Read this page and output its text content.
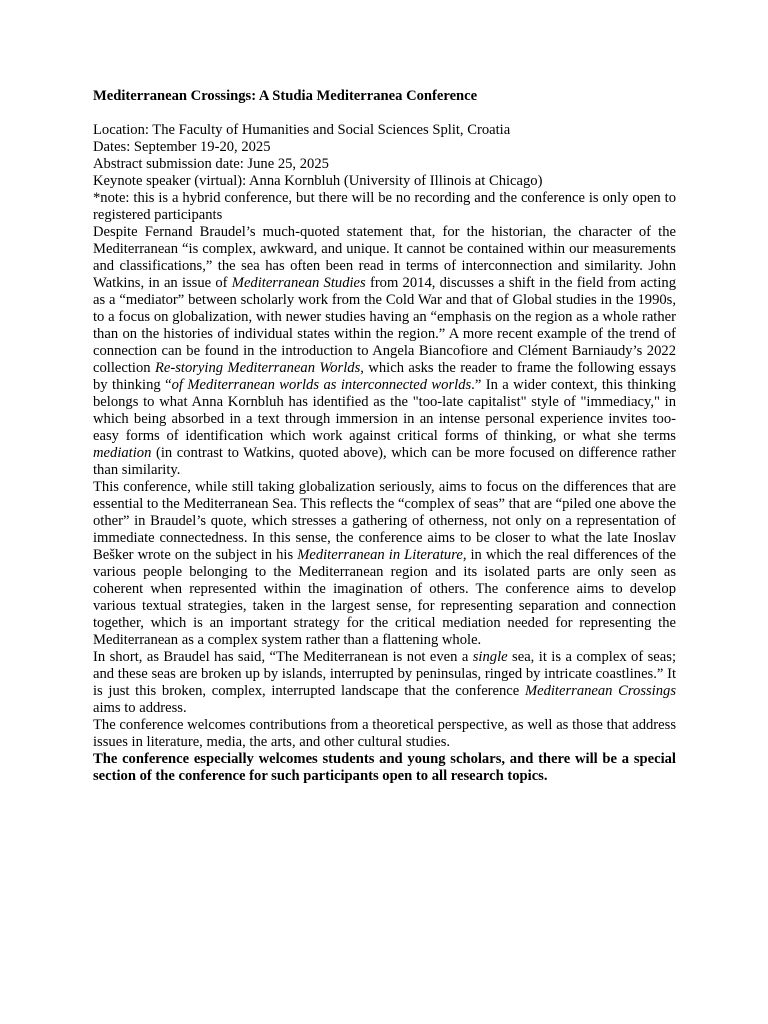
Mediterranean Crossings: A Studia Mediterranea Conference

Location: The Faculty of Humanities and Social Sciences Split, Croatia

Dates: September 19-20, 2025

Abstract submission date: June 25, 2025

Keynote speaker (virtual): Anna Kornbluh (University of Illinois at Chicago)

*note: this is a hybrid conference, but there will be no recording and the conference is only open to registered participants

Despite Fernand Braudel’s much-quoted statement that, for the historian, the character of the Mediterranean “is complex, awkward, and unique. It cannot be contained within our measurements and classifications,” the sea has often been read in terms of interconnection and similarity. John Watkins, in an issue of Mediterranean Studies from 2014, discusses a shift in the field from acting as a “mediator” between scholarly work from the Cold War and that of Global studies in the 1990s, to a focus on globalization, with newer studies having an “emphasis on the region as a whole rather than on the histories of individual states within the region.” A more recent example of the trend of connection can be found in the introduction to Angela Biancofiore and Clément Barniaudy’s 2022 collection Re-storying Mediterranean Worlds, which asks the reader to frame the following essays by thinking “of Mediterranean worlds as interconnected worlds.” In a wider context, this thinking belongs to what Anna Kornbluh has identified as the "too-late capitalist" style of "immediacy," in which being absorbed in a text through immersion in an intense personal experience invites too-easy forms of identification which work against critical forms of thinking, or what she terms mediation (in contrast to Watkins, quoted above), which can be more focused on difference rather than similarity.

This conference, while still taking globalization seriously, aims to focus on the differences that are essential to the Mediterranean Sea. This reflects the “complex of seas” that are “piled one above the other” in Braudel’s quote, which stresses a gathering of otherness, not only on a representation of immediate connectedness. In this sense, the conference aims to be closer to what the late Inoslav Bešker wrote on the subject in his Mediterranean in Literature, in which the real differences of the various people belonging to the Mediterranean region and its isolated parts are only seen as coherent when represented within the imagination of others. The conference aims to develop various textual strategies, taken in the largest sense, for representing separation and connection together, which is an important strategy for the critical mediation needed for representing the Mediterranean as a complex system rather than a flattening whole.

In short, as Braudel has said, “The Mediterranean is not even a single sea, it is a complex of seas; and these seas are broken up by islands, interrupted by peninsulas, ringed by intricate coastlines.” It is just this broken, complex, interrupted landscape that the conference Mediterranean Crossings aims to address.

The conference welcomes contributions from a theoretical perspective, as well as those that address issues in literature, media, the arts, and other cultural studies.

The conference especially welcomes students and young scholars, and there will be a special section of the conference for such participants open to all research topics.
